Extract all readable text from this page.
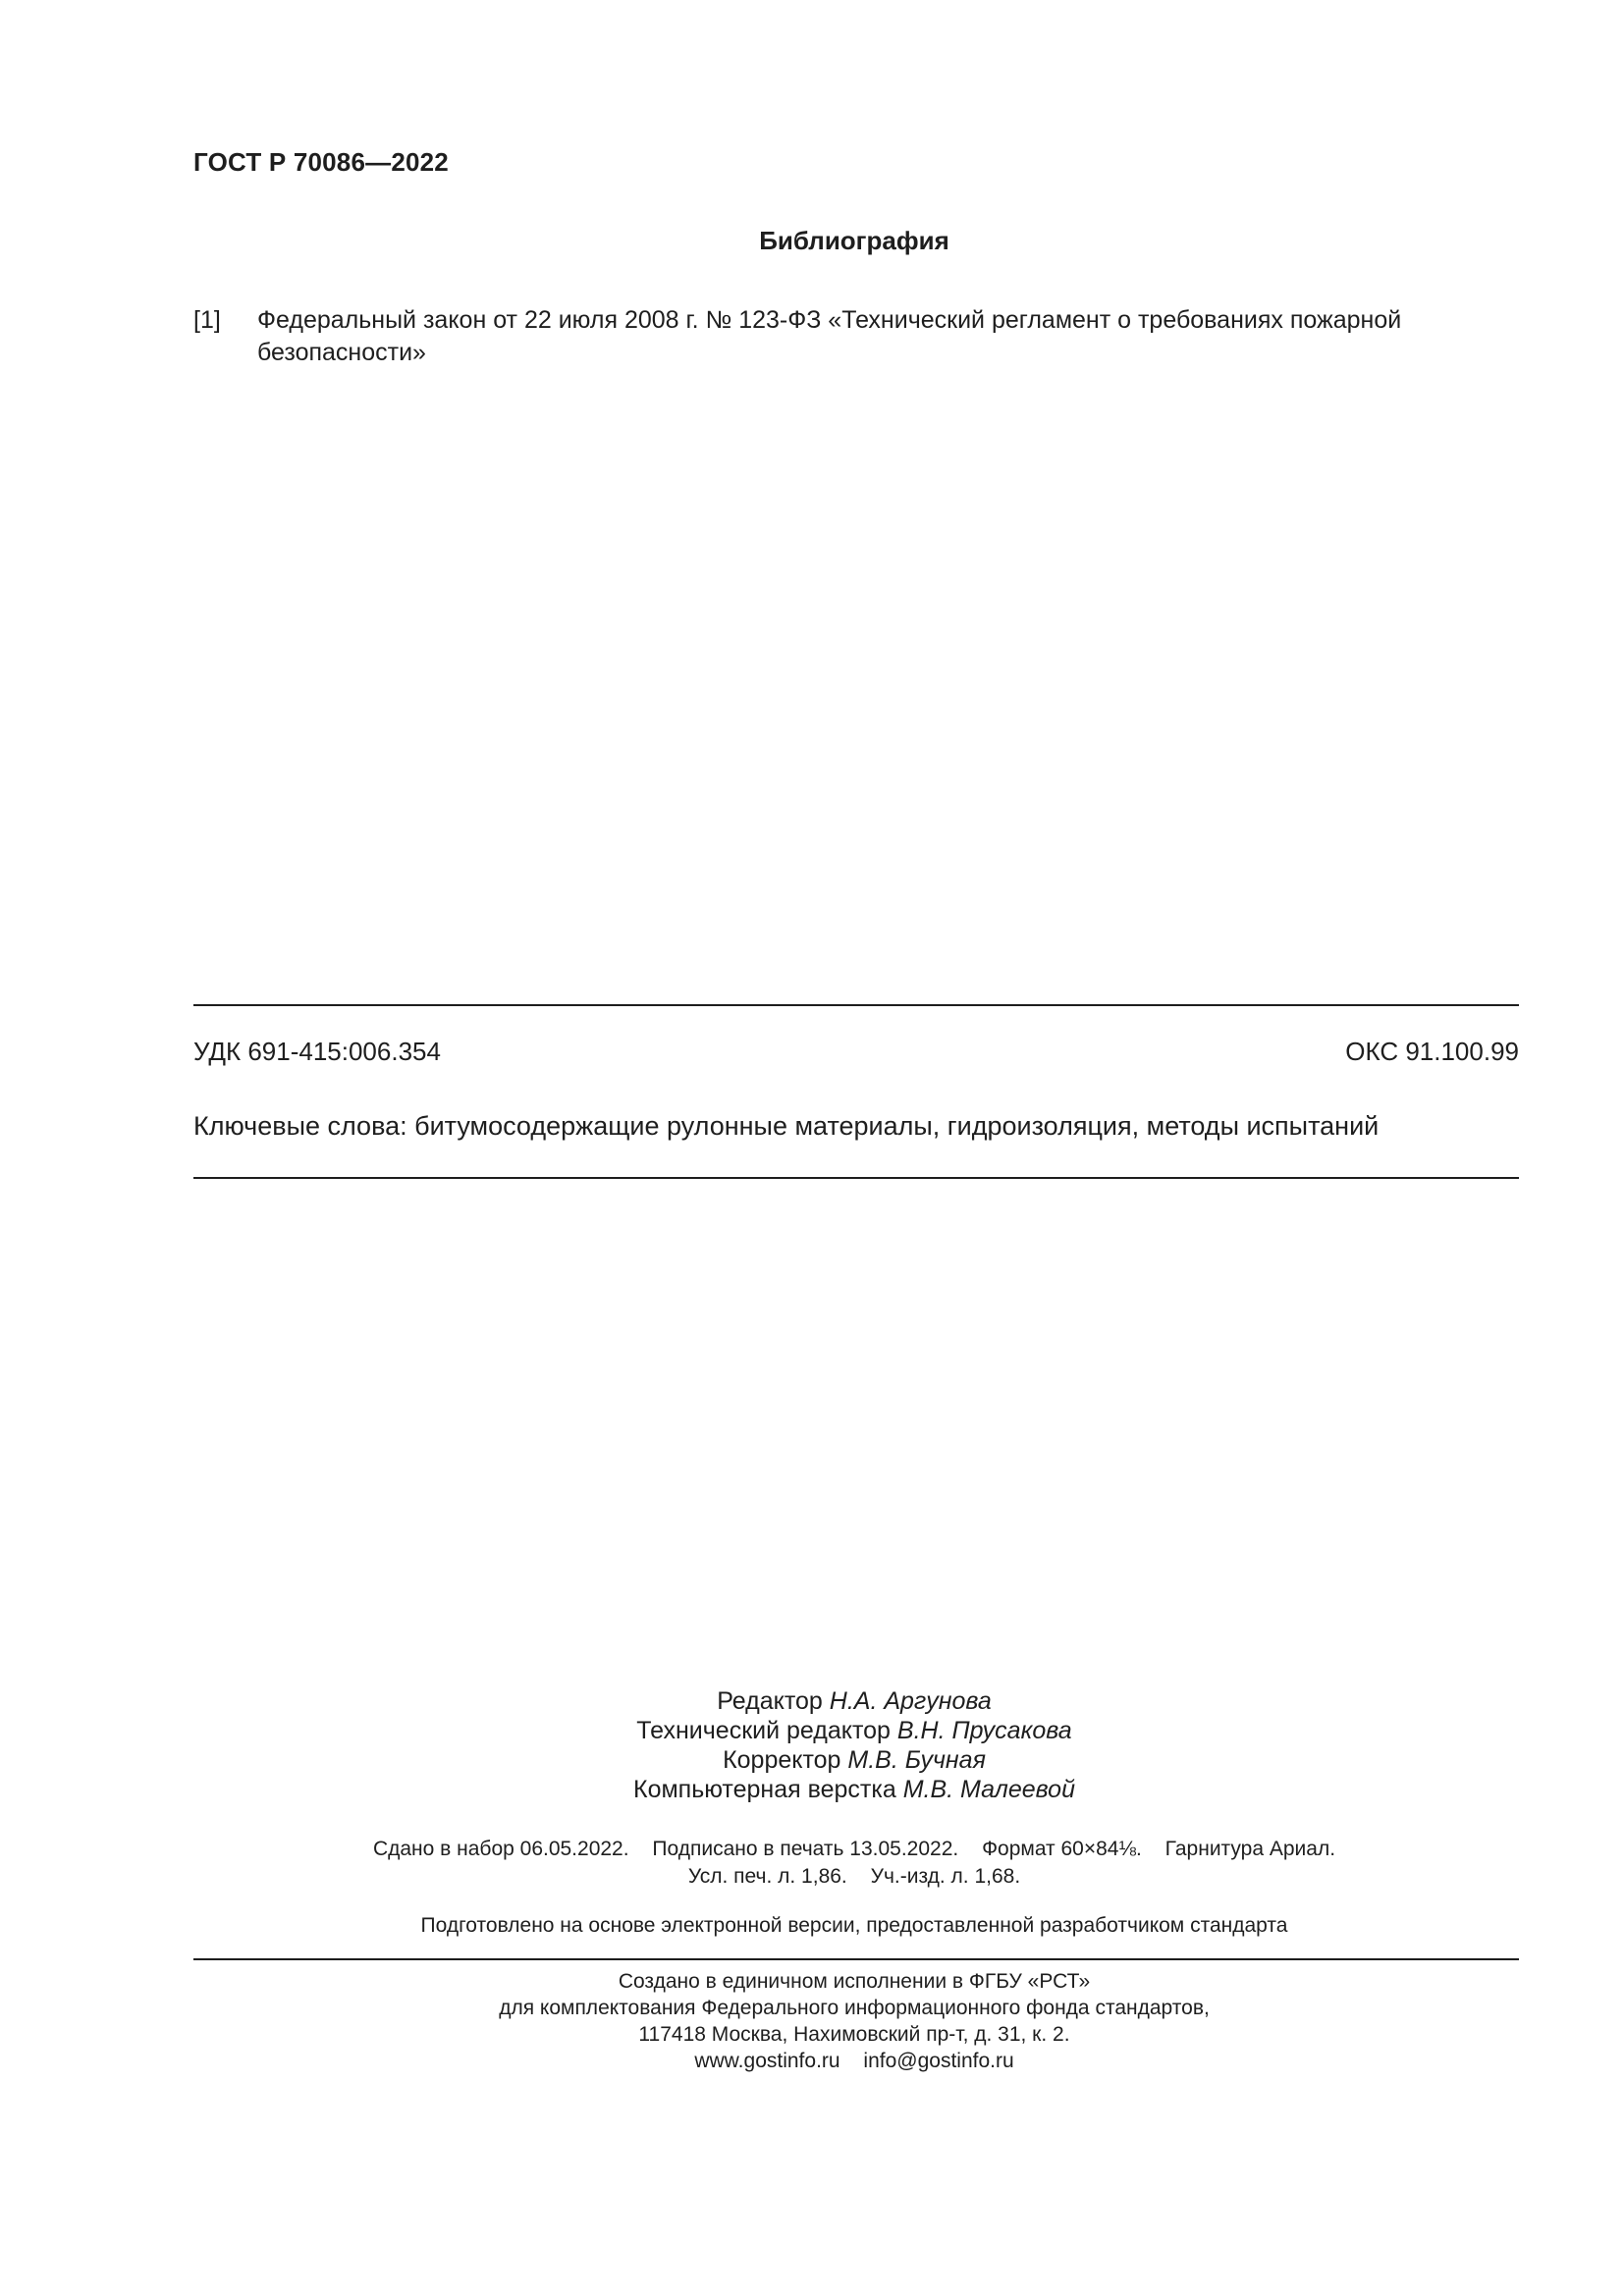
ГОСТ Р 70086—2022
Библиография
[1] Федеральный закон от 22 июля 2008 г. № 123-ФЗ «Технический регламент о требованиях пожарной безопасности»
УДК 691-415:006.354	ОКС 91.100.99
Ключевые слова: битумосодержащие рулонные материалы, гидроизоляция, методы испытаний
Редактор Н.А. Аргунова
Технический редактор В.Н. Прусакова
Корректор М.В. Бучная
Компьютерная верстка М.В. Малеевой
Сдано в набор 06.05.2022. Подписано в печать 13.05.2022. Формат 60×84⅛. Гарнитура Ариал.
Усл. печ. л. 1,86. Уч.-изд. л. 1,68.
Подготовлено на основе электронной версии, предоставленной разработчиком стандарта
Создано в единичном исполнении в ФГБУ «РСТ»
для комплектования Федерального информационного фонда стандартов,
117418 Москва, Нахимовский пр-т, д. 31, к. 2.
www.gostinfo.ru info@gostinfo.ru
